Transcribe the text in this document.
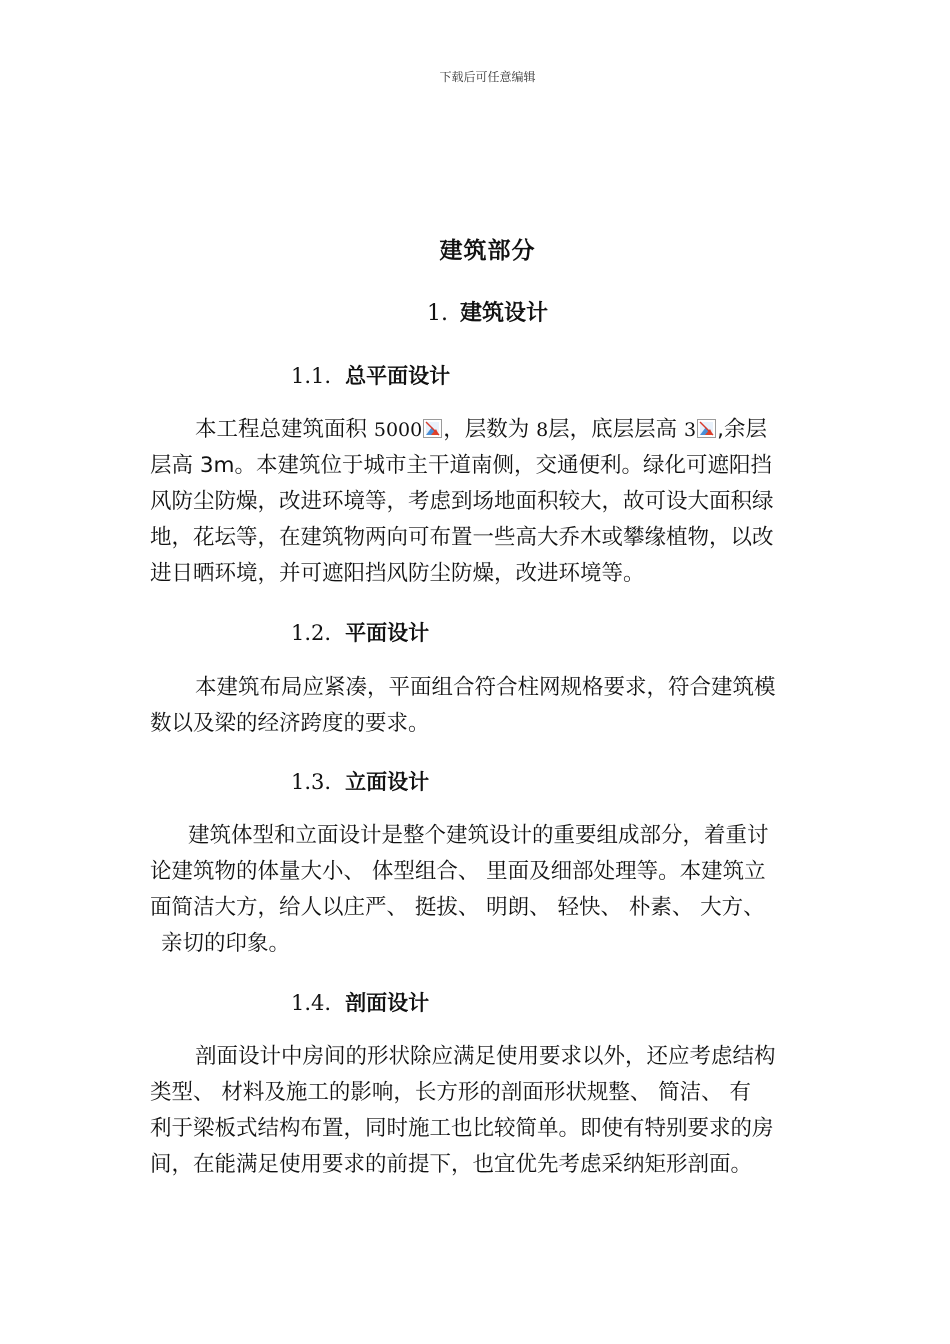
下载后可任意编辑
建筑部分
1. 建筑设计
1.1. 总平面设计
本工程总建筑面积 5000 ，层数为 8层，底层层高 3 ,余层
层高 3m。本建筑位于城市主干道南侧，交通便利。绿化可遮阳挡
风防尘防燥，改进环境等，考虑到场地面积较大，故可设大面积绿
地，花坛等，在建筑物两向可布置一些高大乔木或攀缘植物，以改
进日晒环境，并可遮阳挡风防尘防燥，改进环境等。
1.2. 平面设计
本建筑布局应紧凑，平面组合符合柱网规格要求，符合建筑模
数以及梁的经济跨度的要求。
1.3. 立面设计
建筑体型和立面设计是整个建筑设计的重要组成部分，着重讨
论建筑物的体量大小、 体型组合、 里面及细部处理等。本建筑立
面简洁大方，给人以庄严、 挺拔、 明朗、 轻快、 朴素、 大方、
亲切的印象。
1.4. 剖面设计
剖面设计中房间的形状除应满足使用要求以外，还应考虑结构
类型、 材料及施工的影响，长方形的剖面形状规整、 简洁、 有
利于梁板式结构布置，同时施工也比较简单。即使有特别要求的房
间，在能满足使用要求的前提下，也宜优先考虑采纳矩形剖面。
